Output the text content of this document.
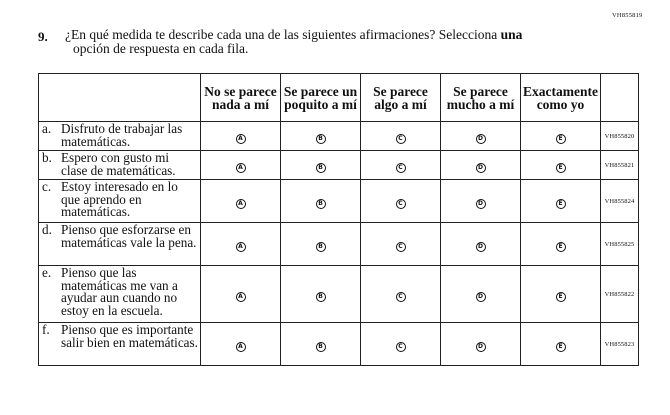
VH855819
9. ¿En qué medida te describe cada una de las siguientes afirmaciones? Selecciona una
opción de respuesta en cada fila.
	No se parece nada a mí	Se parece un poquito a mí	Se parece algo a mí	Se parece mucho a mí	Exactamente como yo	

a. Disfruto de trabajar las matemáticas.	A	B	C	D	E	VH855820

b. Espero con gusto mi clase de matemáticas.	A	B	C	D	E	VH855821

c. Estoy interesado en lo que aprendo en matemáticas.	A	B	C	D	E	VH855824

d. Pienso que esforzarse en matemáticas vale la pena.	A	B	C	D	E	VH855825

e. Pienso que las matemáticas me van a ayudar aun cuando no estoy en la escuela.	A	B	C	D	E	VH855822

f. Pienso que es importante salir bien en matemáticas.	A	B	C	D	E	VH855823
